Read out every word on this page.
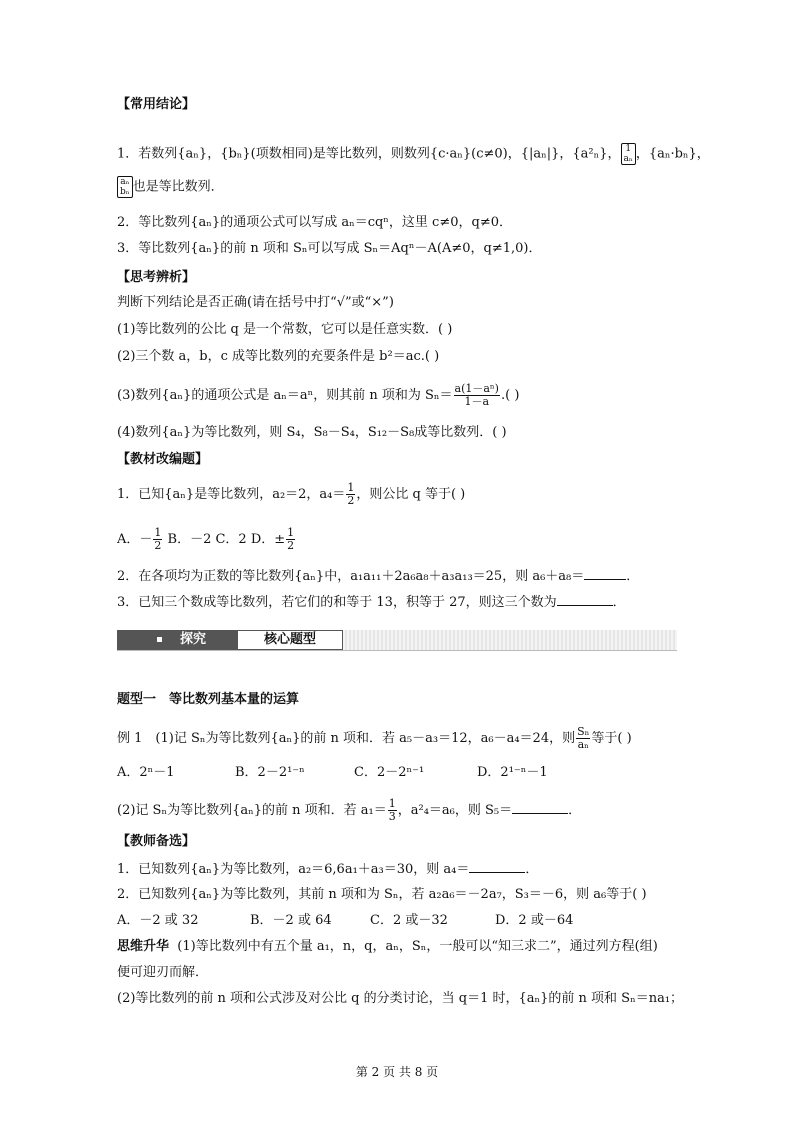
【常用结论】
1．若数列{aₙ}，{bₙ}(项数相同)是等比数列，则数列{c·aₙ}(c≠0)，{|aₙ|}，{a²ₙ}， 1
aₙ ，{aₙ·bₙ}，
aₙ
bₙ 也是等比数列．
2．等比数列{aₙ}的通项公式可以写成 aₙ＝cqⁿ，这里 c≠0，q≠0．
3．等比数列{aₙ}的前 n 项和 Sₙ可以写成 Sₙ＝Aqⁿ－A(A≠0，q≠1,0)．
【思考辨析】
判断下列结论是否正确(请在括号中打“√”或“×”)
(1)等比数列的公比 q 是一个常数，它可以是任意实数．( )
(2)三个数 a，b，c 成等比数列的充要条件是 b²＝ac.( )
(3)数列{aₙ}的通项公式是 aₙ＝aⁿ，则其前 n 项和为 $S_n= \frac{\text{a(1－aⁿ)}}{1-a}$ .( )
(4)数列{aₙ}为等比数列，则 S₄，S₈－S₄，S₁₂－S₈成等比数列．( )
【教材改编题】
1．已知{aₙ}是等比数列，a₂＝2，$a_4= \frac{1}{2}$ ，则公比 q 等于( )
A．－ $\frac{1}{2}$ B．－2 C．2 D．± $\frac{1}{2}$
2．在各项均为正数的等比数列{aₙ}中，a₁a₁₁＋2a₆a₈＋a₃a₁₃＝25，则 a₆＋a₈＝	．
3．已知三个数成等比数列，若它们的和等于 13，积等于 27，则这三个数为	．
探究	核心题型
题型一　等比数列基本量的运算
例 1　(1)记 Sₙ为等比数列{aₙ}的前 n 项和．若 a₅－a₃＝12，a₆－a₄＝24，则 $\frac{\text{Sₙ}}{\text{aₙ}}$ 等于( )
A．2ⁿ－1	B．2－2¹⁻ⁿ	C．2－2ⁿ⁻¹	D．2¹⁻ⁿ－1
(2)记 Sₙ为等比数列{aₙ}的前 n 项和．若 $a_1= \frac{1}{3}$ ，a²₄＝a₆，则 S₅＝	．
【教师备选】
1．已知数列{aₙ}为等比数列，a₂＝6,6a₁＋a₃＝30，则 a₄＝	．
2．已知数列{aₙ}为等比数列，其前 n 项和为 Sₙ，若 a₂a₆＝－2a₇，S₃＝－6，则 a₆等于( )
A．－2 或 32	B．－2 或 64	C．2 或－32	D．2 或－64
思维升华 (1)等比数列中有五个量 a₁，n，q，aₙ，Sₙ，一般可以“知三求二”，通过列方程(组)
便可迎刃而解．
(2)等比数列的前 n 项和公式涉及对公比 q 的分类讨论，当 q＝1 时，{aₙ}的前 n 项和 Sₙ＝na₁；
第 2 页 共 8 页
